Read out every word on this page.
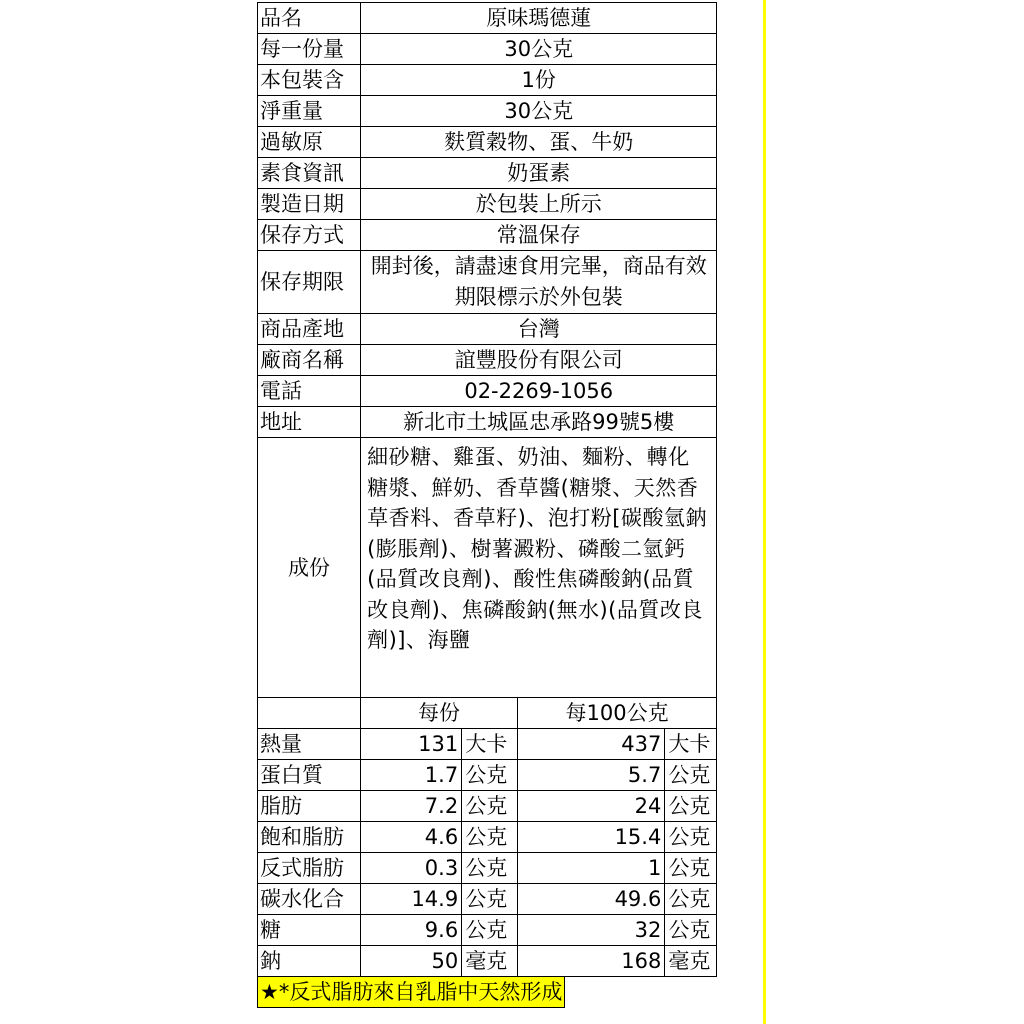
品名	原味瑪德蓮				
每一份量	30公克				
本包裝含	1份				
淨重量	30公克				
過敏原	麩質穀物、蛋、牛奶				
素食資訊	奶蛋素				
製造日期	於包裝上所示				
保存方式	常溫保存				
保存期限	開封後，請盡速食用完畢，商品有效
期限標示於外包裝				

商品產地	台灣				
廠商名稱	誼豐股份有限公司				
電話	02-2269-1056				
地址	新北市土城區忠承路99號5樓				
成份	細砂糖、雞蛋、奶油、麵粉、轉化糖漿、鮮奶、香草醬(糖漿、天然香草香料、香草籽)、泡打粉[碳酸氫鈉(膨脹劑)、樹薯澱粉、磷酸二氫鈣(品質改良劑)、酸性焦磷酸鈉(品質改良劑)、焦磷酸鈉(無水)(品質改良劑)]、海鹽				
	每份		每100公克		
熱量	131	大卡	437		大卡
蛋白質	1.7	公克	5.7		公克
脂肪	7.2	公克	24		公克
飽和脂肪	4.6	公克	15.4		公克
反式脂肪	0.3	公克	1		公克
碳水化合	14.9	公克	49.6		公克
糖	9.6	公克	32		公克
鈉	50	毫克	168		毫克
★*反式脂肪來自乳脂中天然形成					
